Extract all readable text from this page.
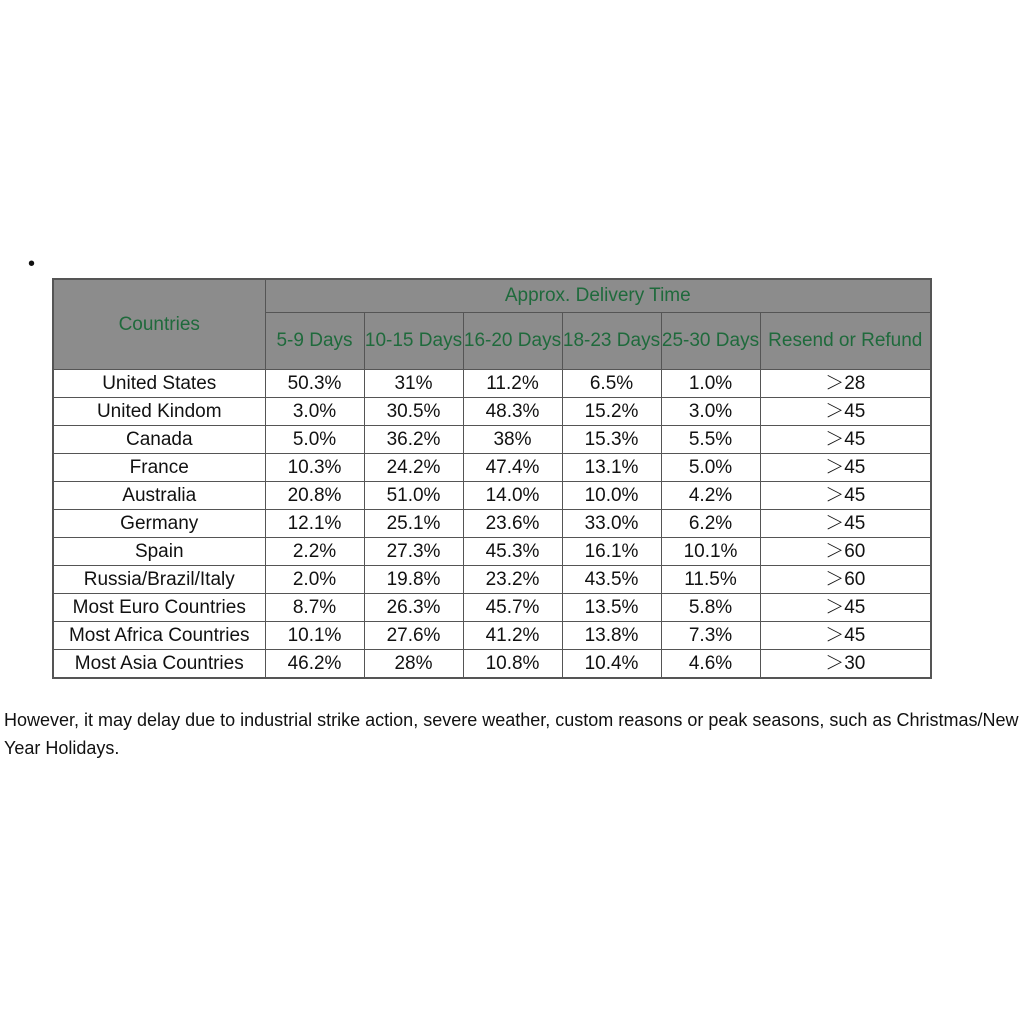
•
Countries	Approx. Delivery Time					
	5-9 Days	10-15 Days	16-20 Days	18-23 Days	25-30 Days	Resend or Refund
United States	50.3%	31%	11.2%	6.5%	1.0%	＞28
United Kindom	3.0%	30.5%	48.3%	15.2%	3.0%	＞45
Canada	5.0%	36.2%	38%	15.3%	5.5%	＞45
France	10.3%	24.2%	47.4%	13.1%	5.0%	＞45
Australia	20.8%	51.0%	14.0%	10.0%	4.2%	＞45
Germany	12.1%	25.1%	23.6%	33.0%	6.2%	＞45
Spain	2.2%	27.3%	45.3%	16.1%	10.1%	＞60
Russia/Brazil/Italy	2.0%	19.8%	23.2%	43.5%	11.5%	＞60
Most Euro Countries	8.7%	26.3%	45.7%	13.5%	5.8%	＞45
Most Africa Countries	10.1%	27.6%	41.2%	13.8%	7.3%	＞45
Most Asia Countries	46.2%	28%	10.8%	10.4%	4.6%	＞30
However, it may delay due to industrial strike action, severe weather, custom reasons or peak seasons, such as Christmas/New Year Holidays.
